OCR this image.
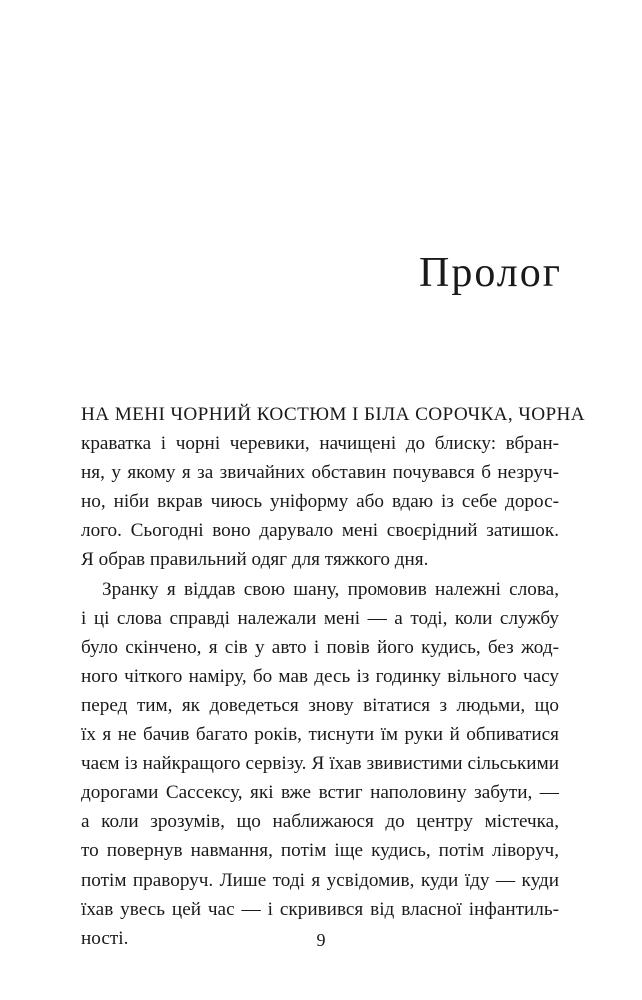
Пролог
НА МЕНІ ЧОРНИЙ КОСТЮМ І БІЛА СОРОЧКА, ЧОРНА
краватка і чорні черевики, начищені до блиску: вбран-
ня, у якому я за звичайних обставин почувався б незруч-
но, ніби вкрав чиюсь уніформу або вдаю із себе дорос-
лого. Сьогодні воно дарувало мені своєрідний затишок.
Я обрав правильний одяг для тяжкого дня.
Зранку я віддав свою шану, промовив належні слова,
і ці слова справді належали мені — а тоді, коли службу
було скінчено, я сів у авто і повів його кудись, без жод-
ного чіткого наміру, бо мав десь із годинку вільного часу
перед тим, як доведеться знову вітатися з людьми, що
їх я не бачив багато років, тиснути їм руки й обпиватися
чаєм із найкращого сервізу. Я їхав звивистими сільськими
дорогами Сассексу, які вже встиг наполовину забути, —
а коли зрозумів, що наближаюся до центру містечка,
то повернув навмання, потім іще кудись, потім ліворуч,
потім праворуч. Лише тоді я усвідомив, куди їду — куди
їхав увесь цей час — і скривився від власної інфантиль-
ності.	9
